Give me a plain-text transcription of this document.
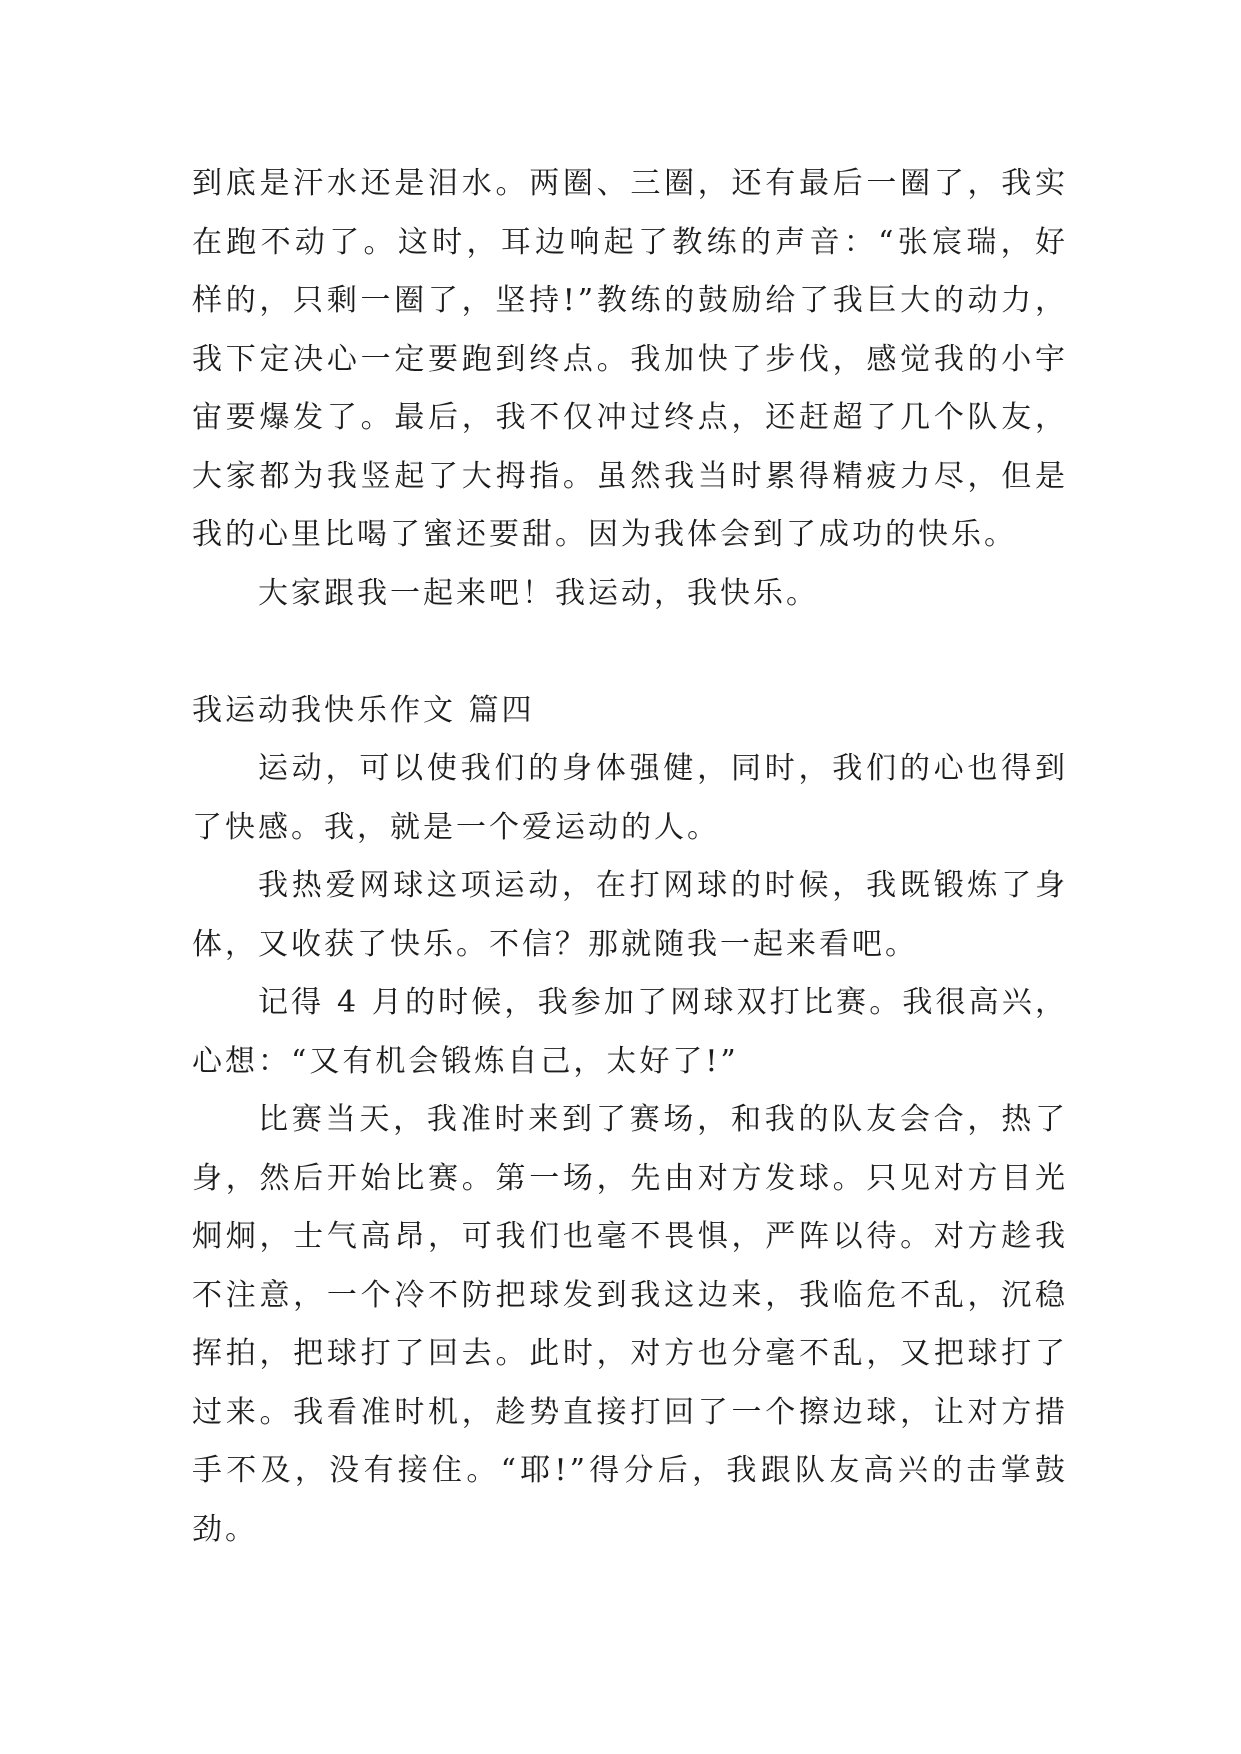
到底是汗水还是泪水。两圈、三圈，还有最后一圈了，我实
在跑不动了。这时，耳边响起了教练的声音：“张宸瑞，好
样的，只剩一圈了，坚持!”教练的鼓励给了我巨大的动力，
我下定决心一定要跑到终点。我加快了步伐，感觉我的小宇
宙要爆发了。最后，我不仅冲过终点，还赶超了几个队友，
大家都为我竖起了大拇指。虽然我当时累得精疲力尽，但是
我的心里比喝了蜜还要甜。因为我体会到了成功的快乐。
大家跟我一起来吧！我运动，我快乐。
我运动我快乐作文 篇四
运动，可以使我们的身体强健，同时，我们的心也得到
了快感。我，就是一个爱运动的人。
我热爱网球这项运动，在打网球的时候，我既锻炼了身
体，又收获了快乐。不信？那就随我一起来看吧。
记得 4 月的时候，我参加了网球双打比赛。我很高兴，
心想：“又有机会锻炼自己，太好了!”
比赛当天，我准时来到了赛场，和我的队友会合，热了
身，然后开始比赛。第一场，先由对方发球。只见对方目光
炯炯，士气高昂，可我们也毫不畏惧，严阵以待。对方趁我
不注意，一个冷不防把球发到我这边来，我临危不乱，沉稳
挥拍，把球打了回去。此时，对方也分毫不乱，又把球打了
过来。我看准时机，趁势直接打回了一个擦边球，让对方措
手不及，没有接住。“耶!”得分后，我跟队友高兴的击掌鼓
劲。
